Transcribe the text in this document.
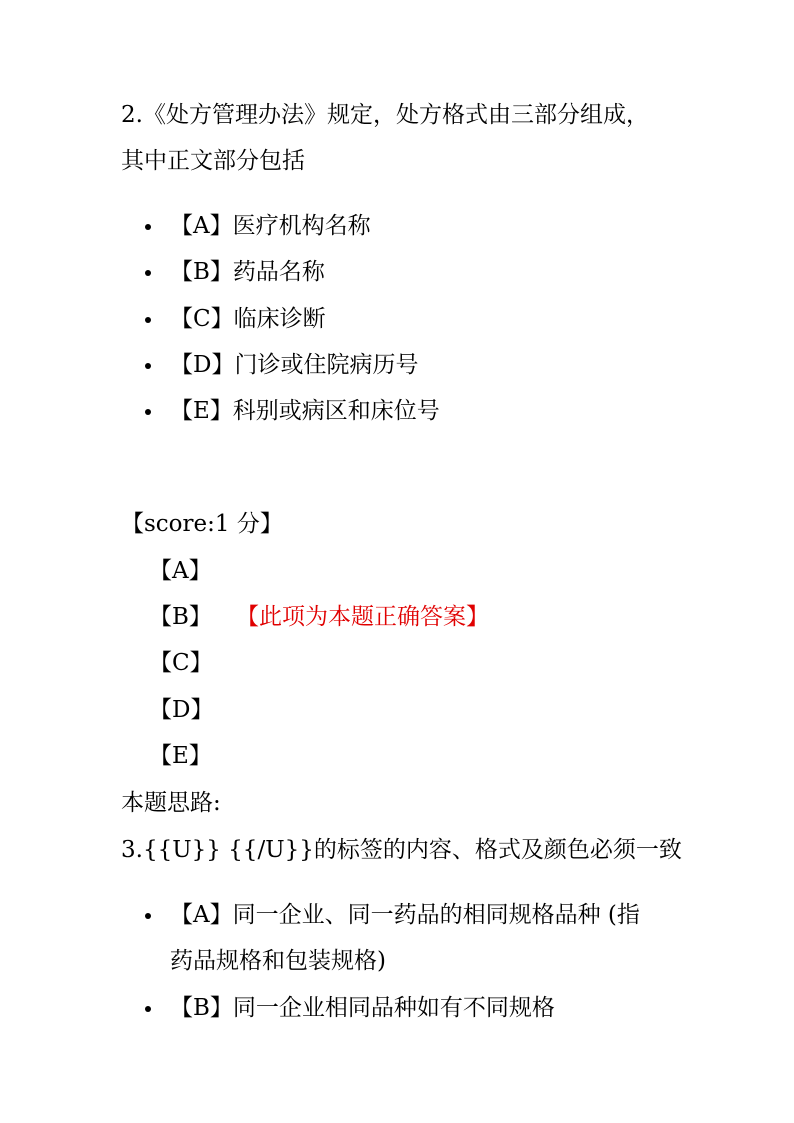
2.《处方管理办法》规定，处方格式由三部分组成，
其中正文部分包括
【A】医疗机构名称
【B】药品名称
【C】临床诊断
【D】门诊或住院病历号
【E】科别或病区和床位号
【score:1 分】
【A】
【B】 【此项为本题正确答案】
【C】
【D】
【E】
本题思路:
3.{{U}} {{/U}}的标签的内容、格式及颜色必须一致
【A】同一企业、同一药品的相同规格品种 (指
药品规格和包装规格)
【B】同一企业相同品种如有不同规格
